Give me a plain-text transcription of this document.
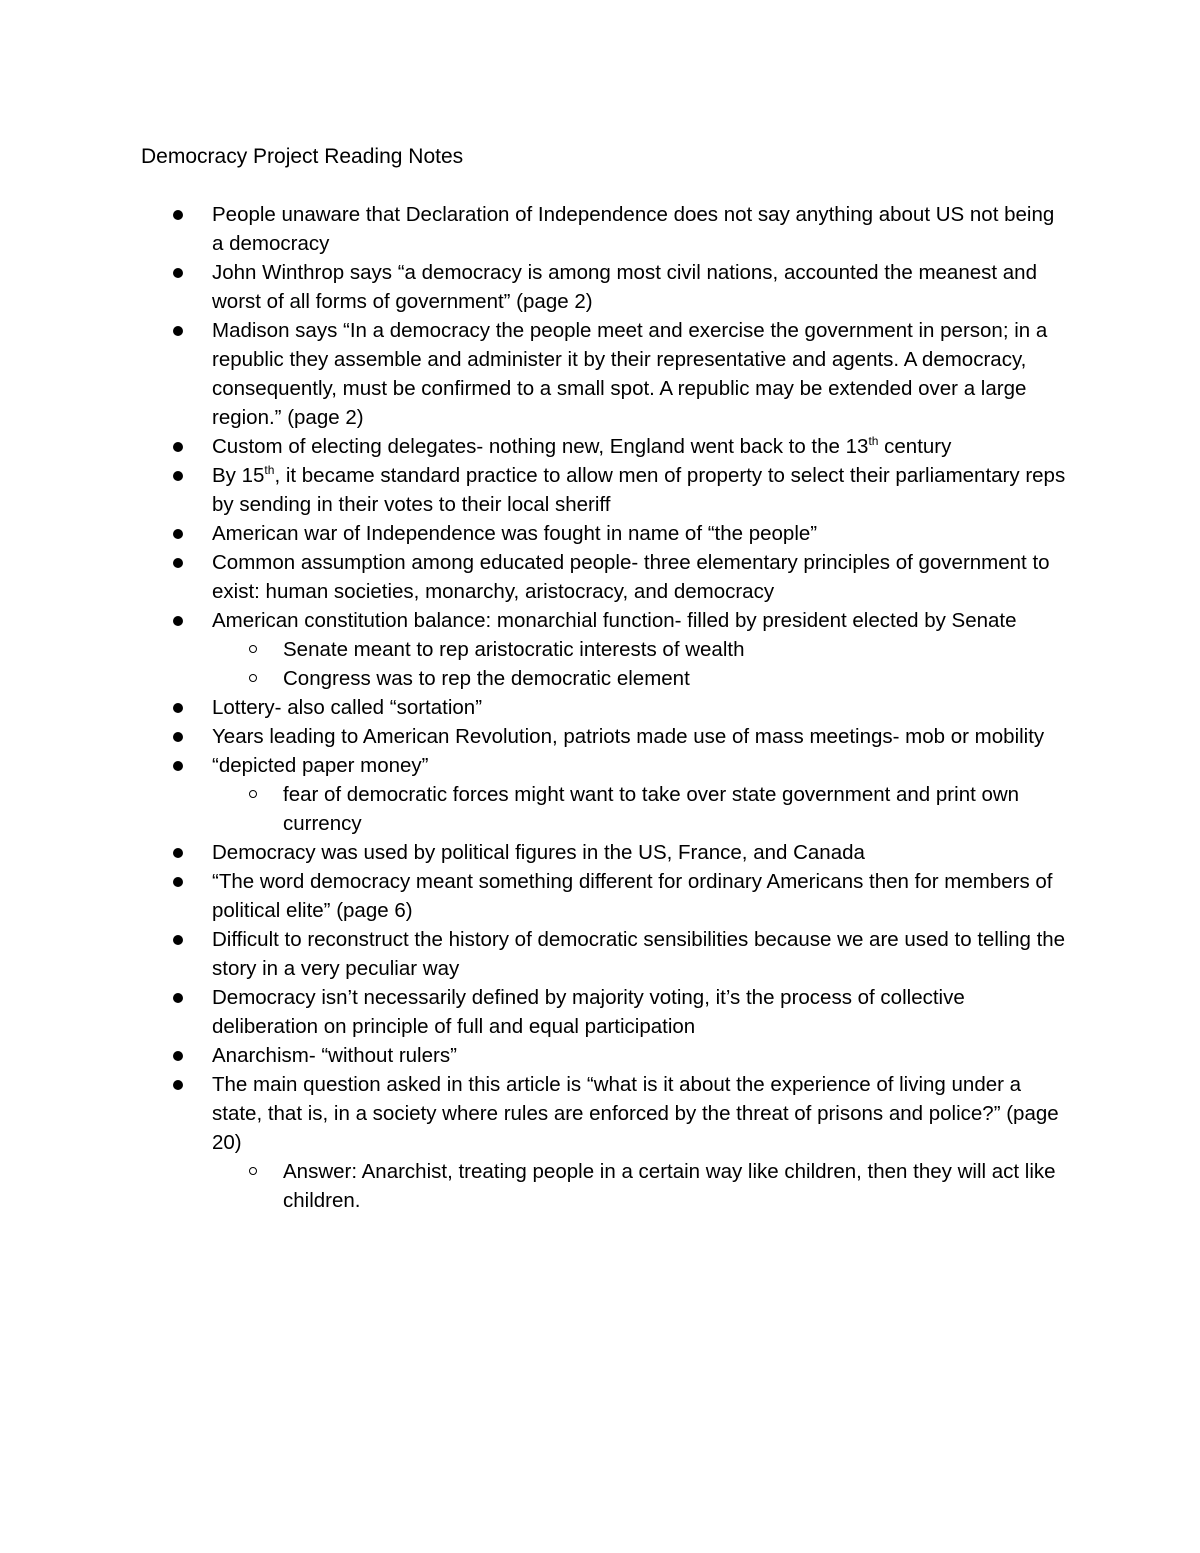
Democracy Project Reading Notes
People unaware that Declaration of Independence does not say anything about US not being a democracy
John Winthrop says “a democracy is among most civil nations, accounted the meanest and worst of all forms of government” (page 2)
Madison says “In a democracy the people meet and exercise the government in person; in a republic they assemble and administer it by their representative and agents. A democracy, consequently, must be confirmed to a small spot. A republic may be extended over a large region.” (page 2)
Custom of electing delegates- nothing new, England went back to the 13th century
By 15th, it became standard practice to allow men of property to select their parliamentary reps by sending in their votes to their local sheriff
American war of Independence was fought in name of “the people”
Common assumption among educated people- three elementary principles of government to exist: human societies, monarchy, aristocracy, and democracy
American constitution balance: monarchial function- filled by president elected by Senate
Senate meant to rep aristocratic interests of wealth
Congress was to rep the democratic element
Lottery- also called “sortation”
Years leading to American Revolution, patriots made use of mass meetings- mob or mobility
“depicted paper money”
fear of democratic forces might want to take over state government and print own currency
Democracy was used by political figures in the US, France, and Canada
“The word democracy meant something different for ordinary Americans then for members of political elite” (page 6)
Difficult to reconstruct the history of democratic sensibilities because we are used to telling the story in a very peculiar way
Democracy isn’t necessarily defined by majority voting, it’s the process of collective deliberation on principle of full and equal participation
Anarchism- “without rulers”
The main question asked in this article is “what is it about the experience of living under a state, that is, in a society where rules are enforced by the threat of prisons and police?” (page 20)
Answer: Anarchist, treating people in a certain way like children, then they will act like children.
